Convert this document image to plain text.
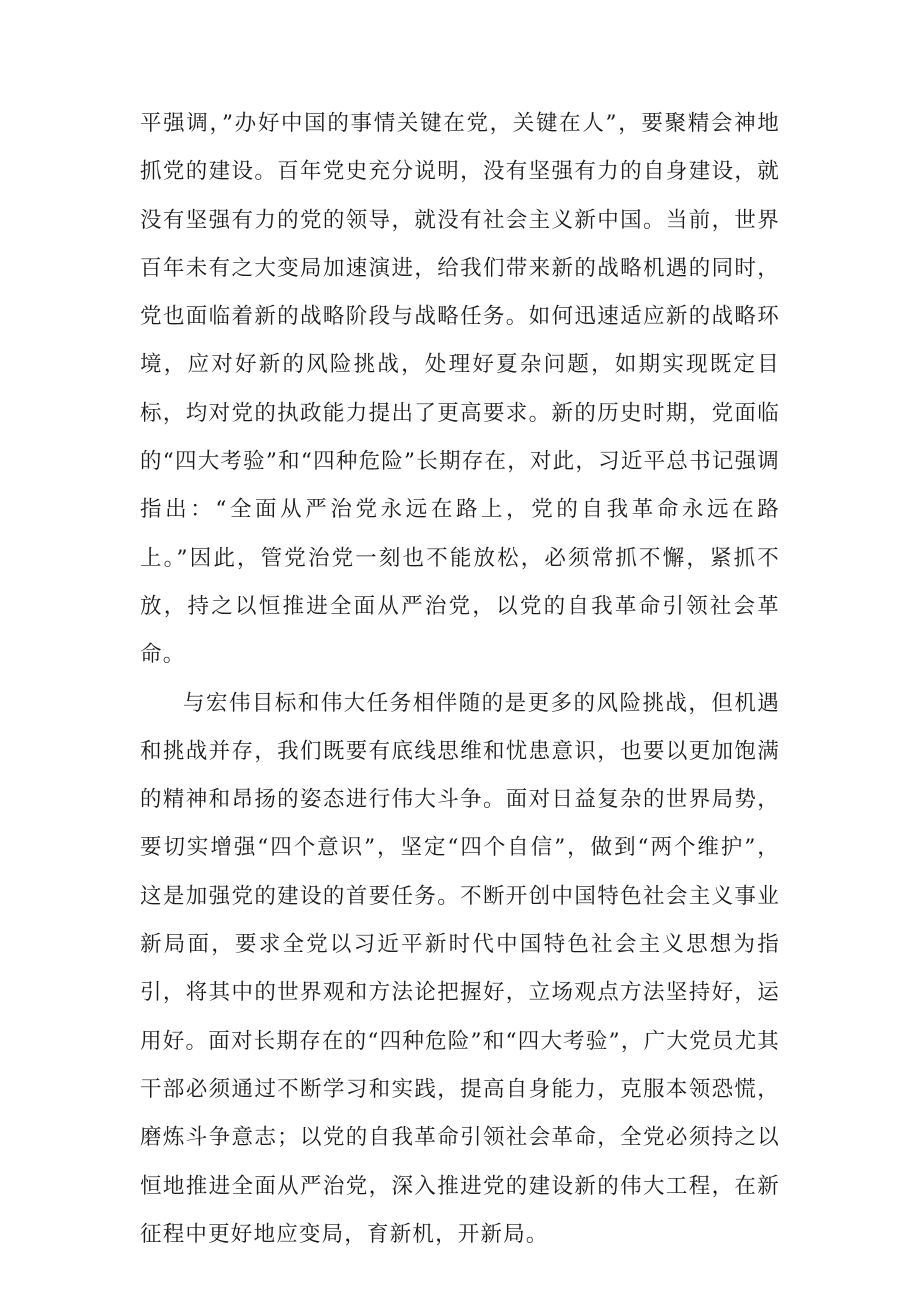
平强调，”办好中国的事情关键在党，关键在人”，要聚精会神地抓党的建设。百年党史充分说明，没有坚强有力的自身建设，就没有坚强有力的党的领导，就没有社会主义新中国。当前，世界百年未有之大变局加速演进，给我们带来新的战略机遇的同时，党也面临着新的战略阶段与战略任务。如何迅速适应新的战略环境，应对好新的风险挑战，处理好夏杂问题，如期实现既定目标，均对党的执政能力提出了更高要求。新的历史时期，党面临的“四大考验”和“四种危险”长期存在，对此，习近平总书记强调指出：“全面从严治党永远在路上，党的自我革命永远在路上。”因此，管党治党一刻也不能放松，必须常抓不懈，紧抓不放，持之以恒推进全面从严治党，以党的自我革命引领社会革命。

与宏伟目标和伟大任务相伴随的是更多的风险挑战，但机遇和挑战并存，我们既要有底线思维和忧患意识，也要以更加饱满的精神和昂扬的姿态进行伟大斗争。面对日益复杂的世界局势，要切实增强“四个意识”，坚定“四个自信”，做到“两个维护”，这是加强党的建设的首要任务。不断开创中国特色社会主义事业新局面，要求全党以习近平新时代中国特色社会主义思想为指引，将其中的世界观和方法论把握好，立场观点方法坚持好，运用好。面对长期存在的“四种危险”和“四大考验”，广大党员尤其干部必须通过不断学习和实践，提高自身能力，克服本领恐慌，磨炼斗争意志；以党的自我革命引领社会革命，全党必须持之以恒地推进全面从严治党，深入推进党的建设新的伟大工程，在新征程中更好地应变局，育新机，开新局。
